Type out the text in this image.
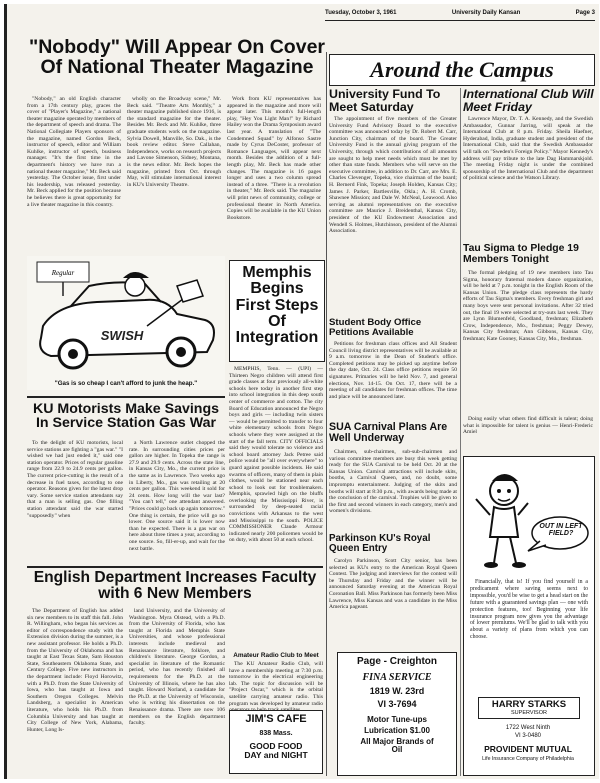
Tuesday, October 3, 1961	University Daily Kansan	Page 3
"Nobody" Will Appear On Cover Of National Theater Magazine

"Nobody," an old English character from a 17th century play, graces the cover of "Player's Magazine," a national theater magazine operated by members of the department of speech and drama. The National Collegiate Players sponsors of the magazine, named Gordon Beck, instructor of speech, editor and William Kuhlke, instructor of speech, business manager. "It's the first time in the department's history we have run a national theater magazine," Mr. Beck said yesterday. The October issue, first under his leadership, was released yesterday. Mr. Beck applied for the position because he believes there is great opportunity for a live theater magazine in this country.

wholly on the Broadway scene," Mr. Beck said. "Theatre Arts Monthly," a theater magazine published since 1916, is the standard magazine for the theater. Besides Mr. Beck and Mr. Kuhlke, three graduate students work on the magazine. Sylvia Dowell, Manville, So. Dak., is the book review editor. Steve Callahan, Independence, works on research projects and Lavone Simenson, Sidney, Montana, is the news editor. Mr. Beck hopes the magazine, printed from Oct. through May, will stimulate international interest in KU's University Theatre.

Work from KU representatives has appeared in the magazine and more will appear later. This month's full-length play, "Hey You Light Man!" by Richard Hailey won the Drama Symposium award last year. A translation of "The Condemned Squad" by Alfonso Sastre made by Cyrus DeCoster, professor of Romance Languages, will appear next month. Besides the addition of a full-length play, Mr. Beck has made other changes. The magazine is 16 pages longer and uses a two column spread instead of a three. "There is a revolution in theater," Mr. Beck said. The magazine will print news of community, college or professional theater in North America. Copies will be available in the KU Union Bookstore.

Regular
SWISH
"Gas is so cheap I can't afford to junk the heap."
Memphis Begins First Steps Of Integration

MEMPHIS, Tenn. — (UPI) — Thirteen Negro children will attend first grade classes at four previously all-white schools here today in another first step into school integration in this deep south center of commerce and cotton. The city Board of Education announced the Negro boys and girls — including twin sisters — would be permitted to transfer to four white elementary schools from Negro schools where they were assigned at the start of the fall term. CITY OFFICIALS said they would tolerate no violence and school board attorney Jack Petree said police would be "all over everywhere" to guard against possible incidents. He said swarms of officers, many of them in plain clothes, would be stationed near each school to look out for troublemakers. Memphis, sprawled high on the bluffs overlooking the Mississippi River, is surrounded by deep-seated racial convictions with Arkansas to the west and Mississippi to the south. POLICE COMMISSIONER Claude Armour indicated nearly 200 policemen would be on duty, with about 50 at each school.

KU Motorists Make Savings In Service Station Gas War

To the delight of KU motorists, local service stations are fighting a "gas war." "I wished we had just ended it," said one station operator. Prices of regular gasoline range from 22.9 to 24.9 cents per gallon. The current price-cutting is the result of a decrease in fuel taxes, according to one operator. Reasons given for the latest drop vary. Some service station attendants say that a man is selling gas. One filling station attendant said the war started "supposedly" when

a North Lawrence outlet chopped the rate. In surrounding cities prices per gallon are higher. In Topeka the range is 27.9 and 29.9 cents. Across the state line, in Kansas City, Mo., the current price is the same as in Lawrence. Two weeks ago in Liberty, Mo., gas was retailing at 20 cents per gallon. This weekend it sold for 24 cents. How long will the war last? "You can't tell," one attendant answered. "Prices could go back up again tomorrow." One thing is certain, the price will go no lower. One source said it is lower now than he expected. There is a gas war on here about three times a year, according to one source. So, fill-er-up, and wait for the next battle.

English Department Increases Faculty with 6 New Members

The Department of English has added six new members to its staff this fall. John R. Willingham, who began his services as editor of correspondence study with the Extension division during the summer, is a new assistant professor. He holds a Ph.D. from the University of Oklahoma and has taught at East Texas State, Sam Houston State, Southeastern Oklahoma State, and Century College. Five new instructors in the department include: Floyd Horowitz, with a Ph.D. from the State University of Iowa, who has taught at Iowa and Southern Oregon Colleges. Melvin Landsberg, a specialist in American literature, who holds his Ph.D. from Columbia University and has taught at City College of New York, Alabama, Hunter, Long Is-

land University, and the University of Washington. Myra Olstead, with a Ph.D. from the University of Florida, who has taught at Florida and Memphis State Universities, and whose professional interests include medieval and Renaissance literature, folklore, and children's literature. George Gordon, a specialist in literature of the Romantic period, who has recently finished all requirements for the Ph.D. at the University of Illinois, where he has also taught. Howard Norland, a candidate for the Ph.D. at the University of Wisconsin, who is writing his dissertation on the Renaissance drama. There are now 106 members on the English department faculty.

Amateur Radio Club to Meet

The KU Amateur Radio Club, will have a membership meeting at 7:30 p.m. tomorrow in the electrical engineering lab. The topic for discussion will be "Project Oscar," which is the orbital satellite carrying amateur radio. This program was developed by amateur radio

JIM'S CAFE
838 Mass.
GOOD FOOD
DAY and NIGHT
Around the Campus
University Fund To Meet Saturday

The appointment of five members of the Greater University Fund Advisory Board to the executive committee was announced today by Dr. Robert M. Carr, Junction City, chairman of the board. The Greater University Fund is the annual giving program of the University, through which contributions of all amounts are sought to help meet needs which must be met by other than state funds. Members who will serve on the executive committee, in addition to Dr. Carr, are Mrs. E. Charles Clevenger, Topeka, vice chairman of the board; H. Bernerd Fink, Topeka; Joseph Holden, Kansas City; James J. Parker, Bartlesville, Okla.; A. H. Cromb, Shawnee Mission; and Dale W. McNeal, Leawood. Also serving as alumni representatives on the executive committee are Maurice J. Breidenthal, Kansas City, president of the KU Endowment Association and Wendell S. Holmes, Hutchinson, president of the Alumni Association.

Student Body Office Petitions Available

Petitions for freshman class offices and All Student Council living district representatives will be available at 9 a.m. tomorrow in the Dean of Student's office. Completed petitions may be picked up anytime before the day date, Oct. 24. Class office petitions require 50 signatures. Primaries will be held Nov. 7, and general elections, Nov. 14-15. On Oct. 17, there will be a meeting of all candidates for freshman offices. The time and place will be announced later.

SUA Carnival Plans Are Well Underway

Chairmen, sub-chairmen, sub-sub-chairmen and various committee members are busy this week getting ready for the SUA Carnival to be held Oct. 20 at the Kansas Union. Carnival attractions will include skits, booths, a Carnival Queen, and, no doubt, some impromptu entertainment. Judging of the skits and booths will start at 8:30 p.m., with awards being made at the conclusion of the carnival. Trophies will be given to the first and second winners in each category, men's and women's divisions.

Parkinson KU's Royal Queen Entry

Carolyn Parkinson, Scott City senior, has been selected as KU's entry to the American Royal Queen Contest. The judging and interviews for the contest will be Thursday and Friday and the winner will be announced Saturday evening at the American Royal Coronation Ball. Miss Parkinson has formerly been Miss Lawrence, Miss Kansas and was a candidate in the Miss America pageant.

Page - Creighton
FINA SERVICE
1819 W. 23rd
VI 3-7694
Motor Tune-ups
Lubrication $1.00
All Major Brands of Oil
International Club Will Meet Friday

Lawrence Mayor, Dr. T. A. Kennedy, and the Swedish Ambassador, Gunnar Jarring, will speak at the International Club at 8 p.m. Friday. Sheila Haefner, Hyderabad, India, graduate student and president of the International Club, said that the Swedish Ambassador will talk on "Sweden's Foreign Policy." Mayor Kennedy's address will pay tribute to the late Dag Hammarskjold. The meeting Friday night is under the combined sponsorship of the International Club and the department of political science and the Watson Library.

Tau Sigma to Pledge 19 Members Tonight

The formal pledging of 19 new members into Tau Sigma, honorary fraternal modern dance organization, will be held at 7 p.m. tonight in the English Room of the Kansas Union. The pledge class represents the hardy efforts of Tau Sigma's members. Every freshman girl and many boys were sent personal invitations. After 32 tried out, the final 19 were selected at try-outs last week. They are Lynn Blumenfeld, Goodland, freshman; Elizabeth Crow, Independence, Mo., freshman; Peggy Dewey, Kansas City freshman; Ann Gibbons, Kansas City, freshman; Kate Gooney, Kansas City, Mo., freshman.

Doing easily what others find difficult is talent; doing what is impossible for talent is genius — Henri-Frederic Amiel

OUT IN LEFT FIELD?

Financially, that is! If you find yourself in a predicament where saving seems next to impossible, you'd be wise to get a head start on the future with a guaranteed savings plan — one with protection features, too! Beginning your life insurance program now gives you the advantage of lower premiums. We'll be glad to talk with you about a variety of plans from which you can choose.

HARRY STARKS
SUPERVISOR
1722 West Ninth
VI 3-0480
PROVIDENT MUTUAL
Life Insurance Company of Philadelphia
